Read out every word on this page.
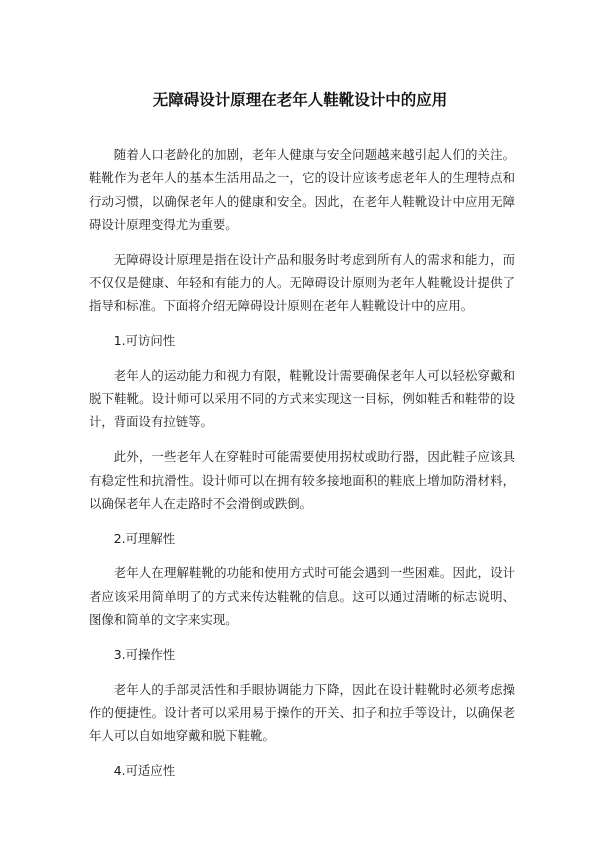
无障碍设计原理在老年人鞋靴设计中的应用

随着人口老龄化的加剧，老年人健康与安全问题越来越引起人们的关注。鞋靴作为老年人的基本生活用品之一，它的设计应该考虑老年人的生理特点和行动习惯，以确保老年人的健康和安全。因此，在老年人鞋靴设计中应用无障碍设计原理变得尤为重要。

无障碍设计原理是指在设计产品和服务时考虑到所有人的需求和能力，而不仅仅是健康、年轻和有能力的人。无障碍设计原则为老年人鞋靴设计提供了指导和标准。下面将介绍无障碍设计原则在老年人鞋靴设计中的应用。

1.可访问性

老年人的运动能力和视力有限，鞋靴设计需要确保老年人可以轻松穿戴和脱下鞋靴。设计师可以采用不同的方式来实现这一目标，例如鞋舌和鞋带的设计，背面设有拉链等。

此外，一些老年人在穿鞋时可能需要使用拐杖或助行器，因此鞋子应该具有稳定性和抗滑性。设计师可以在拥有较多接地面积的鞋底上增加防滑材料，以确保老年人在走路时不会滑倒或跌倒。

2.可理解性

老年人在理解鞋靴的功能和使用方式时可能会遇到一些困难。因此，设计者应该采用简单明了的方式来传达鞋靴的信息。这可以通过清晰的标志说明、图像和简单的文字来实现。

3.可操作性

老年人的手部灵活性和手眼协调能力下降，因此在设计鞋靴时必须考虑操作的便捷性。设计者可以采用易于操作的开关、扣子和拉手等设计，以确保老年人可以自如地穿戴和脱下鞋靴。

4.可适应性
